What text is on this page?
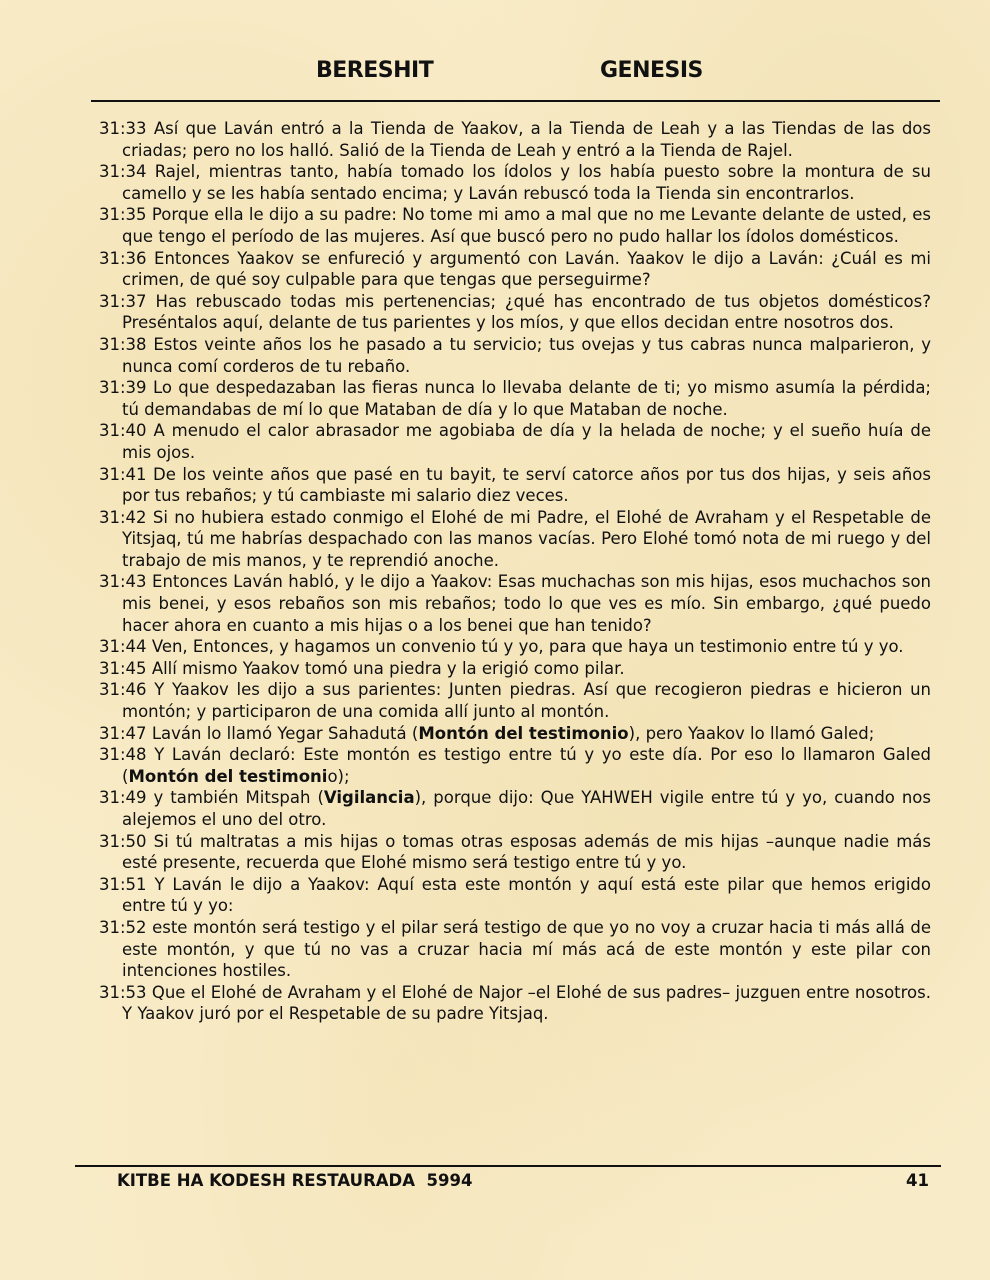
BERESHIT	GENESIS

31:33 Así que Laván entró a la Tienda de Yaakov, a la Tienda de Leah y a las Tiendas de las dos criadas; pero no los halló. Salió de la Tienda de Leah y entró a la Tienda de Rajel.

31:34 Rajel, mientras tanto, había tomado los ídolos y los había puesto sobre la montura de su camello y se les había sentado encima; y Laván rebuscó toda la Tienda sin encontrarlos.

31:35 Porque ella le dijo a su padre: No tome mi amo a mal que no me Levante delante de usted, es que tengo el período de las mujeres. Así que buscó pero no pudo hallar los ídolos domésticos.

31:36 Entonces Yaakov se enfureció y argumentó con Laván. Yaakov le dijo a Laván: ¿Cuál es mi crimen, de qué soy culpable para que tengas que perseguirme?

31:37 Has rebuscado todas mis pertenencias; ¿qué has encontrado de tus objetos domésticos? Preséntalos aquí, delante de tus parientes y los míos, y que ellos decidan entre nosotros dos.

31:38 Estos veinte años los he pasado a tu servicio; tus ovejas y tus cabras nunca malparieron, y nunca comí corderos de tu rebaño.

31:39 Lo que despedazaban las fieras nunca lo llevaba delante de ti; yo mismo asumía la pérdida; tú demandabas de mí lo que Mataban de día y lo que Mataban de noche.

31:40 A menudo el calor abrasador me agobiaba de día y la helada de noche; y el sueño huía de mis ojos.

31:41 De los veinte años que pasé en tu bayit, te serví catorce años por tus dos hijas, y seis años por tus rebaños; y tú cambiaste mi salario diez veces.

31:42 Si no hubiera estado conmigo el Elohé de mi Padre, el Elohé de Avraham y el Respetable de Yitsjaq, tú me habrías despachado con las manos vacías. Pero Elohé tomó nota de mi ruego y del trabajo de mis manos, y te reprendió anoche.

31:43 Entonces Laván habló, y le dijo a Yaakov: Esas muchachas son mis hijas, esos muchachos son mis benei, y esos rebaños son mis rebaños; todo lo que ves es mío. Sin embargo, ¿qué puedo hacer ahora en cuanto a mis hijas o a los benei que han tenido?

31:44 Ven, Entonces, y hagamos un convenio tú y yo, para que haya un testimonio entre tú y yo.

31:45 Allí mismo Yaakov tomó una piedra y la erigió como pilar.

31:46 Y Yaakov les dijo a sus parientes: Junten piedras. Así que recogieron piedras e hicieron un montón; y participaron de una comida allí junto al montón.

31:47 Laván lo llamó Yegar Sahadutá (Montón del testimonio), pero Yaakov lo llamó Galed;

31:48 Y Laván declaró: Este montón es testigo entre tú y yo este día. Por eso lo llamaron Galed (Montón del testimonio);

31:49 y también Mitspah (Vigilancia), porque dijo: Que YAHWEH vigile entre tú y yo, cuando nos alejemos el uno del otro.

31:50 Si tú maltratas a mis hijas o tomas otras esposas además de mis hijas –aunque nadie más esté presente, recuerda que Elohé mismo será testigo entre tú y yo.

31:51 Y Laván le dijo a Yaakov: Aquí esta este montón y aquí está este pilar que hemos erigido entre tú y yo:

31:52 este montón será testigo y el pilar será testigo de que yo no voy a cruzar hacia ti más allá de este montón, y que tú no vas a cruzar hacia mí más acá de este montón y este pilar con intenciones hostiles.

31:53 Que el Elohé de Avraham y el Elohé de Najor –el Elohé de sus padres– juzguen entre nosotros. Y Yaakov juró por el Respetable de su padre Yitsjaq.

KITBE HA KODESH RESTAURADA  5994	41
